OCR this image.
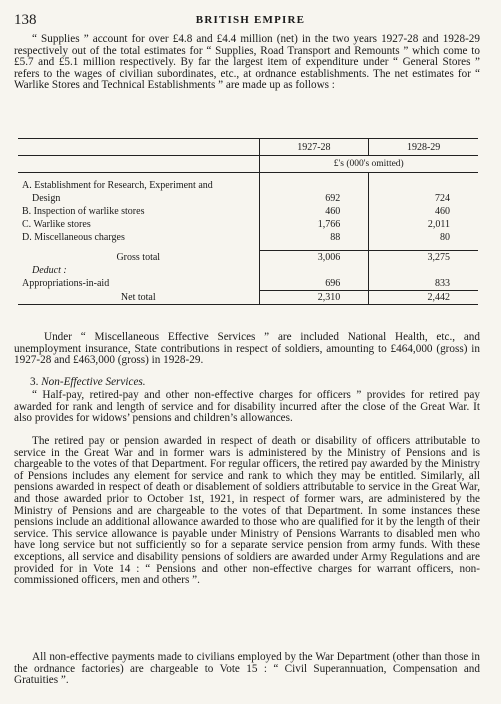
138	BRITISH EMPIRE

“ Supplies ” account for over £4.8 and £4.4 million (net) in the two years 1927-28 and 1928-29 respectively out of the total estimates for “ Supplies, Road Transport and Remounts ” which come to £5.7 and £5.1 million respectively. By far the largest item of expenditure under “ General Stores ” refers to the wages of civilian subordinates, etc., at ordnance establishments. The net estimates for “ Warlike Stores and Technical Establishments ” are made up as follows :

	1927-28	1928-29
	£'s (000's omitted)	

A. Establishment for Research, Experiment and		
Design	692	724
B. Inspection of warlike stores	460	460
C. Warlike stores	1,766	2,011
D. Miscellaneous charges	88	80

Gross total	3,006	3,275
Deduct :		
Appropriations-in-aid	696	833
Net total	2,310	2,442

Under “ Miscellaneous Effective Services ” are included National Health, etc., and unemployment insurance, State contributions in respect of soldiers, amounting to £464,000 (gross) in 1927-28 and £463,000 (gross) in 1928-29.

3. Non-Effective Services.

“ Half-pay, retired-pay and other non-effective charges for officers ” provides for retired pay awarded for rank and length of service and for disability incurred after the close of the Great War. It also provides for widows’ pensions and children’s allowances.

The retired pay or pension awarded in respect of death or disability of officers attributable to service in the Great War and in former wars is administered by the Ministry of Pensions and is chargeable to the votes of that Department. For regular officers, the retired pay awarded by the Ministry of Pensions includes any element for service and rank to which they may be entitled. Similarly, all pensions awarded in respect of death or disablement of soldiers attributable to service in the Great War, and those awarded prior to October 1st, 1921, in respect of former wars, are administered by the Ministry of Pensions and are chargeable to the votes of that Department. In some instances these pensions include an additional allowance awarded to those who are qualified for it by the length of their service. This service allowance is payable under Ministry of Pensions Warrants to disabled men who have long service but not sufficiently so for a separate service pension from army funds. With these exceptions, all service and disability pensions of soldiers are awarded under Army Regulations and are provided for in Vote 14 : “ Pensions and other non-effective charges for warrant officers, non-commissioned officers, men and others ”.

All non-effective payments made to civilians employed by the War Department (other than those in the ordnance factories) are chargeable to Vote 15 : “ Civil Superannuation, Compensation and Gratuities ”.
